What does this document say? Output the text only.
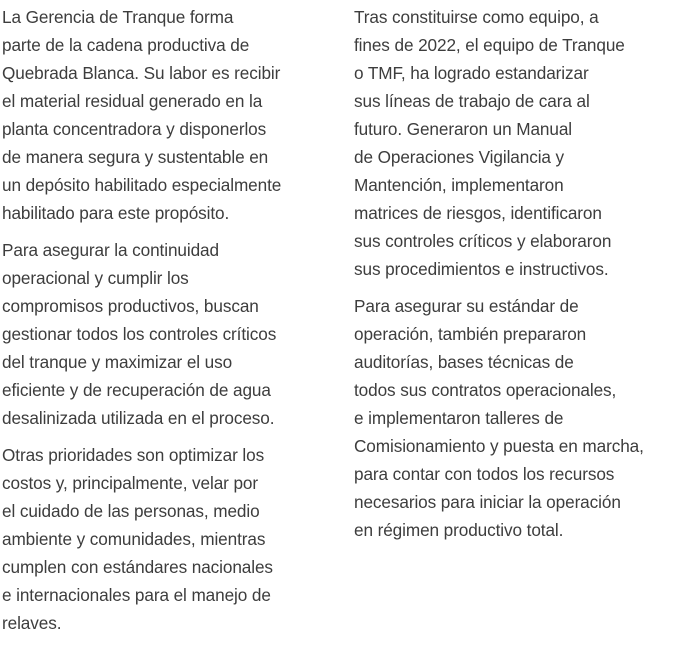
La Gerencia de Tranque forma
parte de la cadena productiva de
Quebrada Blanca. Su labor es recibir
el material residual generado en la
planta concentradora y disponerlos
de manera segura y sustentable en
un depósito habilitado especialmente
habilitado para este propósito.

Para asegurar la continuidad
operacional y cumplir los
compromisos productivos, buscan
gestionar todos los controles críticos
del tranque y maximizar el uso
eficiente y de recuperación de agua
desalinizada utilizada en el proceso.

Otras prioridades son optimizar los
costos y, principalmente, velar por
el cuidado de las personas, medio
ambiente y comunidades, mientras
cumplen con estándares nacionales
e internacionales para el manejo de
relaves.

Tras constituirse como equipo, a
fines de 2022, el equipo de Tranque
o TMF, ha logrado estandarizar
sus líneas de trabajo de cara al
futuro. Generaron un Manual
de Operaciones Vigilancia y
Mantención, implementaron
matrices de riesgos, identificaron
sus controles críticos y elaboraron
sus procedimientos e instructivos.

Para asegurar su estándar de
operación, también prepararon
auditorías, bases técnicas de
todos sus contratos operacionales,
e implementaron talleres de
Comisionamiento y puesta en marcha,
para contar con todos los recursos
necesarios para iniciar la operación
en régimen productivo total.
